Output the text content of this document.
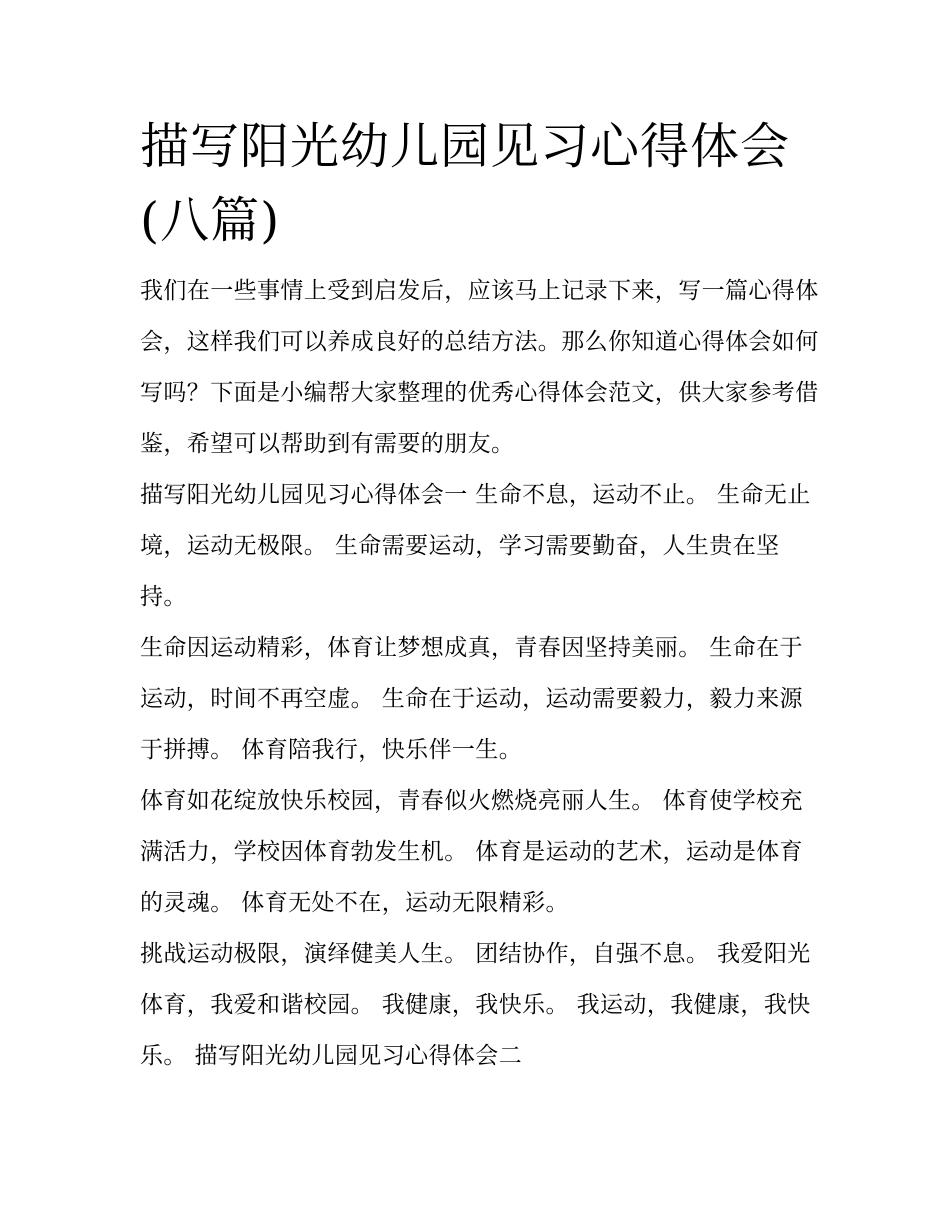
描写阳光幼儿园见习心得体会
(八篇)

我们在一些事情上受到启发后，应该马上记录下来，写一篇心得体会，这样我们可以养成良好的总结方法。那么你知道心得体会如何写吗？下面是小编帮大家整理的优秀心得体会范文，供大家参考借鉴，希望可以帮助到有需要的朋友。

描写阳光幼儿园见习心得体会一 生命不息，运动不止。 生命无止境，运动无极限。 生命需要运动，学习需要勤奋，人生贵在坚持。

生命因运动精彩，体育让梦想成真，青春因坚持美丽。 生命在于运动，时间不再空虚。 生命在于运动，运动需要毅力，毅力来源于拼搏。 体育陪我行，快乐伴一生。

体育如花绽放快乐校园，青春似火燃烧亮丽人生。 体育使学校充满活力，学校因体育勃发生机。 体育是运动的艺术，运动是体育的灵魂。 体育无处不在，运动无限精彩。

挑战运动极限，演绎健美人生。 团结协作，自强不息。 我爱阳光体育，我爱和谐校园。 我健康，我快乐。 我运动，我健康，我快乐。 描写阳光幼儿园见习心得体会二
